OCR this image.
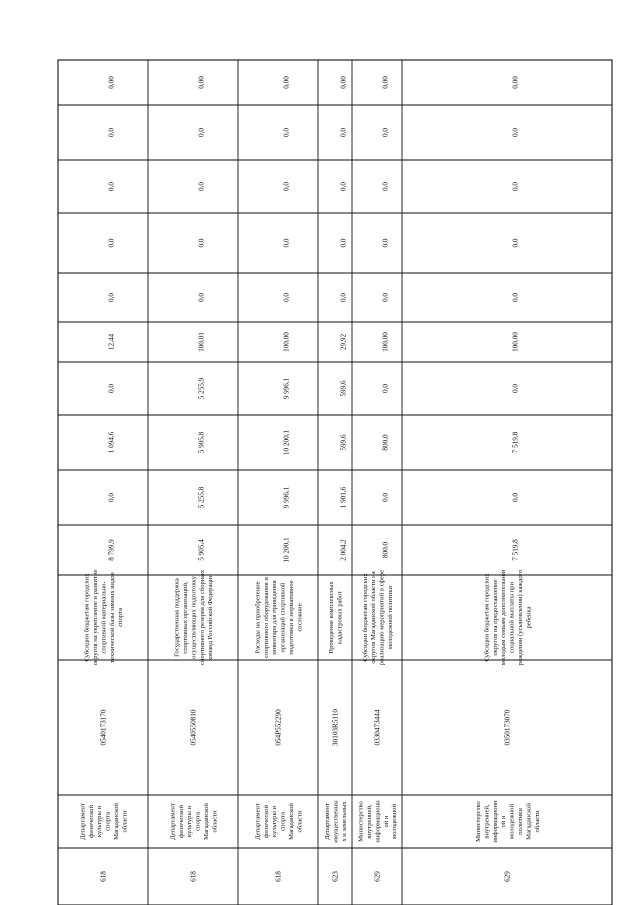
618
Департаментфизическойкультуры испортаМагаданскойобласти
0540173170
Субсидии бюджетам городскихокругов на укрепление и развитиеспортивной материально-технической базы зимних видовспорта
8 799,9
0,0
1 094,6
0,0
12,44
0,0
0,0
0,0
0,0
0,00
618
Департаментфизическойкультуры испортаМагаданскойобласти
0540550810
Государственная поддержкаспортивных организаций,осуществляющих подготовкуспортивного резерва для сборныхкоманд Российской Федерации
5 905,4
5 255,8
5 905,8
5 255,9
100,01
0,0
0,0
0,0
0,0
0,00
618
Департаментфизическойкультуры испортаМагаданскойобласти
054P552290
Расходы на приобретениеспортивного оборудования иинвентаря для приведенияорганизаций спортивнойподготовки в нормативноесостояние
10 200,1
9 996,1
10 200,1
9 996,1
100,00
0,0
0,0
0,0
0,0
0,00
623
Департаментимущественных и земельных
30103R5110
Проведение комплексныхкадастровых работ
2 004,2
1 901,6
599,6
599,6
29,92
0,0
0,0
0,0
0,0
0,00
629
Министерствовнутренней,информационной имолодежной
0330473444
Субсидии бюджетам городскихокругов Магаданской области нареализацию мероприятий в сферемолодежной политики
800,0
0,0
800,0
0,0
100,00
0,0
0,0
0,0
0,0
0,00
629
Министерствовнутренней,информационной имолодежнойполитикиМагаданскойобласти
0350173070
Субсидии бюджетам городскихокругов на предоставлениемолодым семьям дополнительнойсоциальной выплаты прирождении (усыновлении) каждогоребенка
7 519,8
0,0
7 519,8
0,0
100,00
0,0
0,0
0,0
0,0
0,00
